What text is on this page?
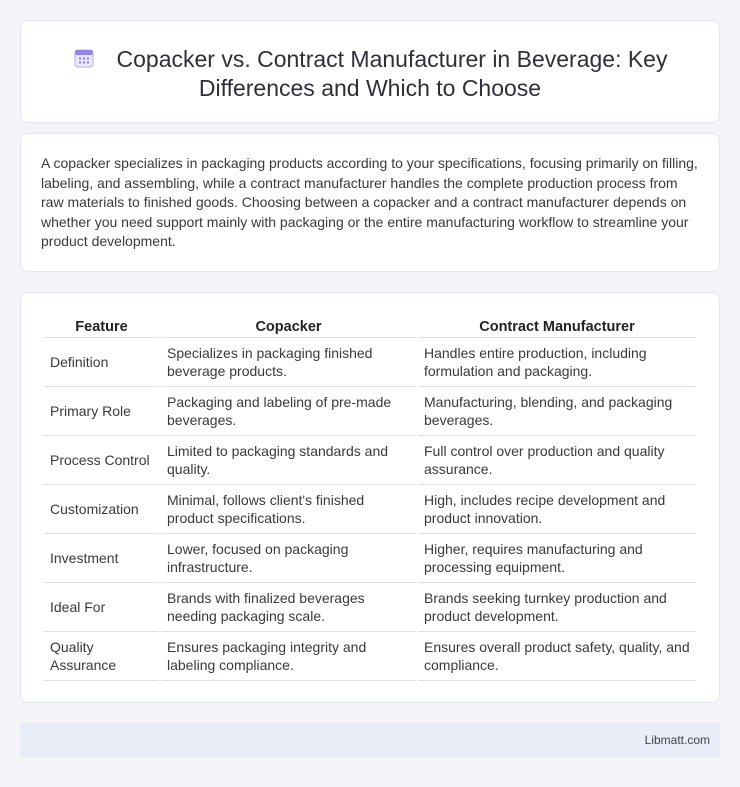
Copacker vs. Contract Manufacturer in Beverage: Key Differences and Which to Choose

A copacker specializes in packaging products according to your specifications, focusing primarily on filling, labeling, and assembling, while a contract manufacturer handles the complete production process from raw materials to finished goods. Choosing between a copacker and a contract manufacturer depends on whether you need support mainly with packaging or the entire manufacturing workflow to streamline your product development.

Feature	Copacker	Contract Manufacturer
Definition	Specializes in packaging finished beverage products.	Handles entire production, including formulation and packaging.
Primary Role	Packaging and labeling of pre-made beverages.	Manufacturing, blending, and packaging beverages.
Process Control	Limited to packaging standards and quality.	Full control over production and quality assurance.
Customization	Minimal, follows client's finished product specifications.	High, includes recipe development and product innovation.
Investment	Lower, focused on packaging infrastructure.	Higher, requires manufacturing and processing equipment.
Ideal For	Brands with finalized beverages needing packaging scale.	Brands seeking turnkey production and product development.
Quality Assurance	Ensures packaging integrity and labeling compliance.	Ensures overall product safety, quality, and compliance.
Libmatt.com
